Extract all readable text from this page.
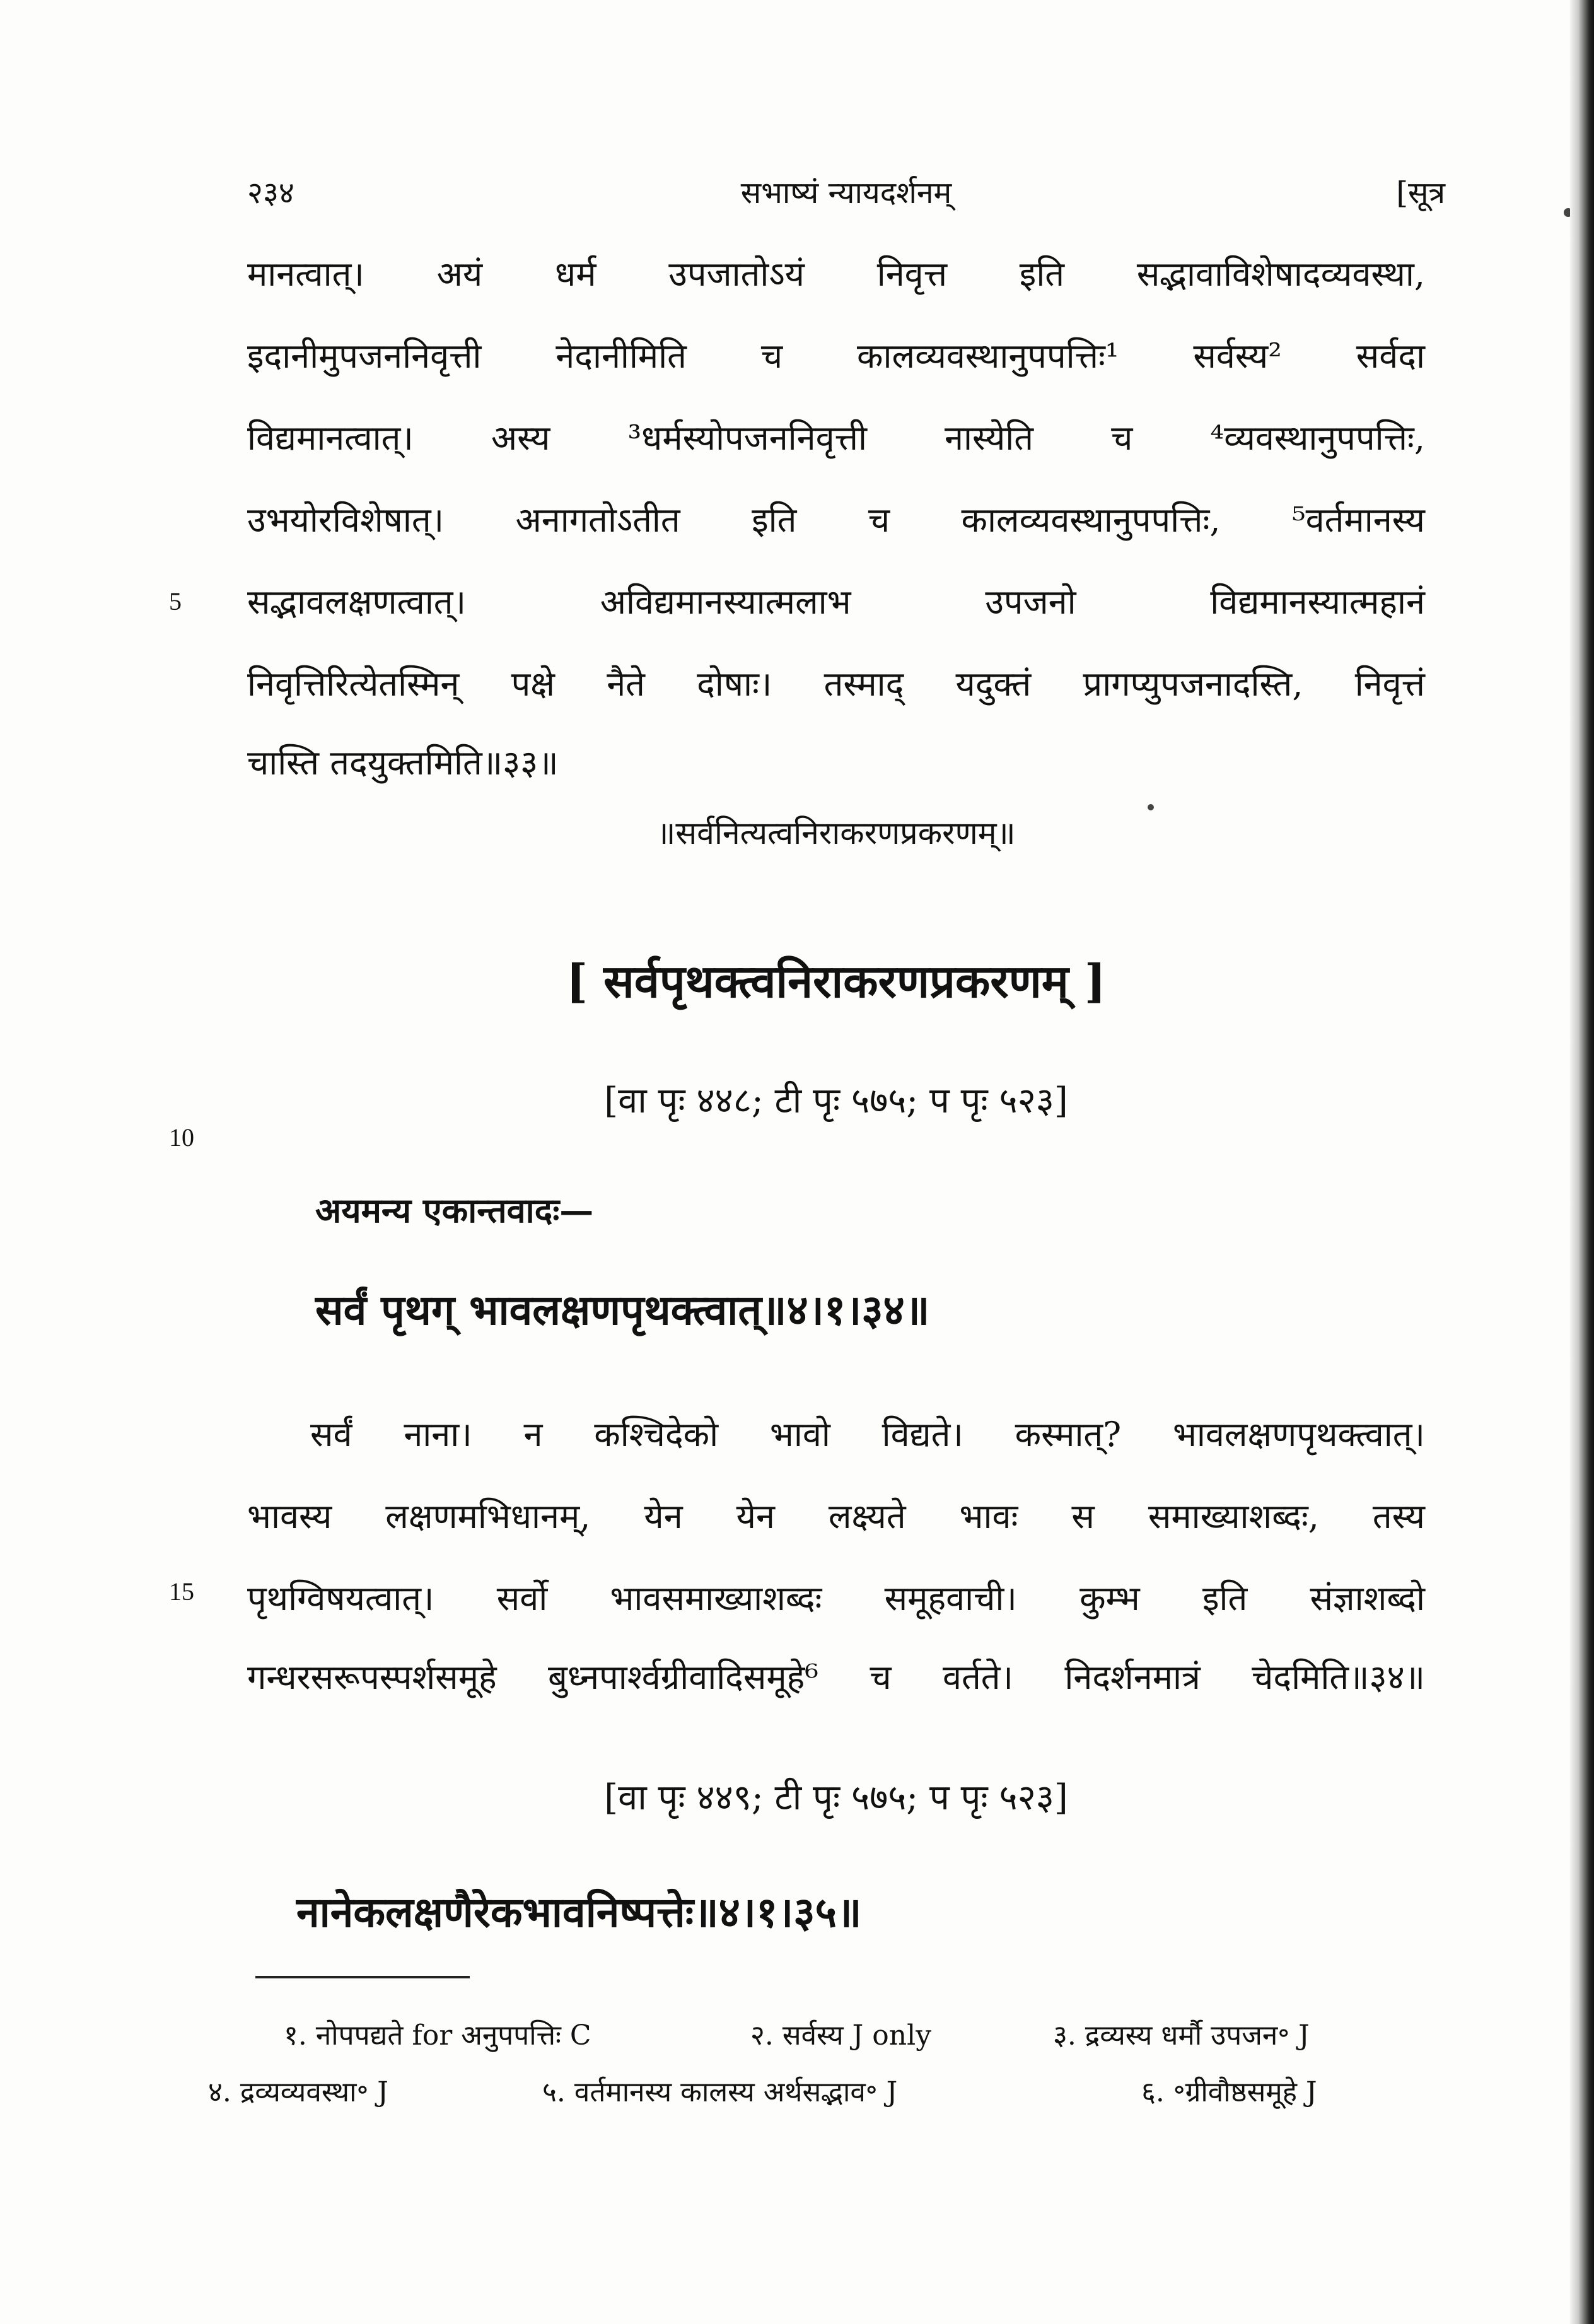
२३४	सभाष्यं न्यायदर्शनम्	[सूत्र
मानत्वात्। अयं धर्म उपजातोऽयं निवृत्त इति सद्भावाविशेषादव्यवस्था,
इदानीमुपजननिवृत्ती नेदानीमिति च कालव्यवस्थानुपपत्तिः¹ सर्वस्य² सर्वदा
विद्यमानत्वात्। अस्य ³धर्मस्योपजननिवृत्ती नास्येति च ⁴व्यवस्थानुपपत्तिः,
उभयोरविशेषात्। अनागतोऽतीत इति च कालव्यवस्थानुपपत्तिः, ⁵वर्तमानस्य
सद्भावलक्षणत्वात्। अविद्यमानस्यात्मलाभ उपजनो विद्यमानस्यात्महानं
निवृत्तिरित्येतस्मिन् पक्षे नैते दोषाः। तस्माद् यदुक्तं प्रागप्युपजनादस्ति, निवृत्तं
चास्ति तदयुक्तमिति॥३३॥
5
॥सर्वनित्यत्वनिराकरणप्रकरणम्॥
[ सर्वपृथक्त्वनिराकरणप्रकरणम् ]
[वा पृः ४४८; टी पृः ५७५; प पृः ५२३]
10
अयमन्य एकान्तवादः—
सर्वं पृथग् भावलक्षणपृथक्त्वात्॥४।१।३४॥
सर्वं नाना। न कश्चिदेको भावो विद्यते। कस्मात्? भावलक्षणपृथक्त्वात्।
भावस्य लक्षणमभिधानम्, येन येन लक्ष्यते भावः स समाख्याशब्दः, तस्य
पृथग्विषयत्वात्। सर्वो भावसमाख्याशब्दः समूहवाची। कुम्भ इति संज्ञाशब्दो
गन्धरसरूपस्पर्शसमूहे बुध्नपार्श्वग्रीवादिसमूहे⁶ च वर्तते। निदर्शनमात्रं चेदमिति॥३४॥
15
[वा पृः ४४९; टी पृः ५७५; प पृः ५२३]
नानेकलक्षणैरेकभावनिष्पत्तेः॥४।१।३५॥
१. नोपपद्यते for अनुपपत्तिः C	२. सर्वस्य J only	३. द्रव्यस्य धर्मौ उपजन॰ J
४. द्रव्यव्यवस्था॰ J	५. वर्तमानस्य कालस्य अर्थसद्भाव॰ J	६. ॰ग्रीवौष्ठसमूहे J
